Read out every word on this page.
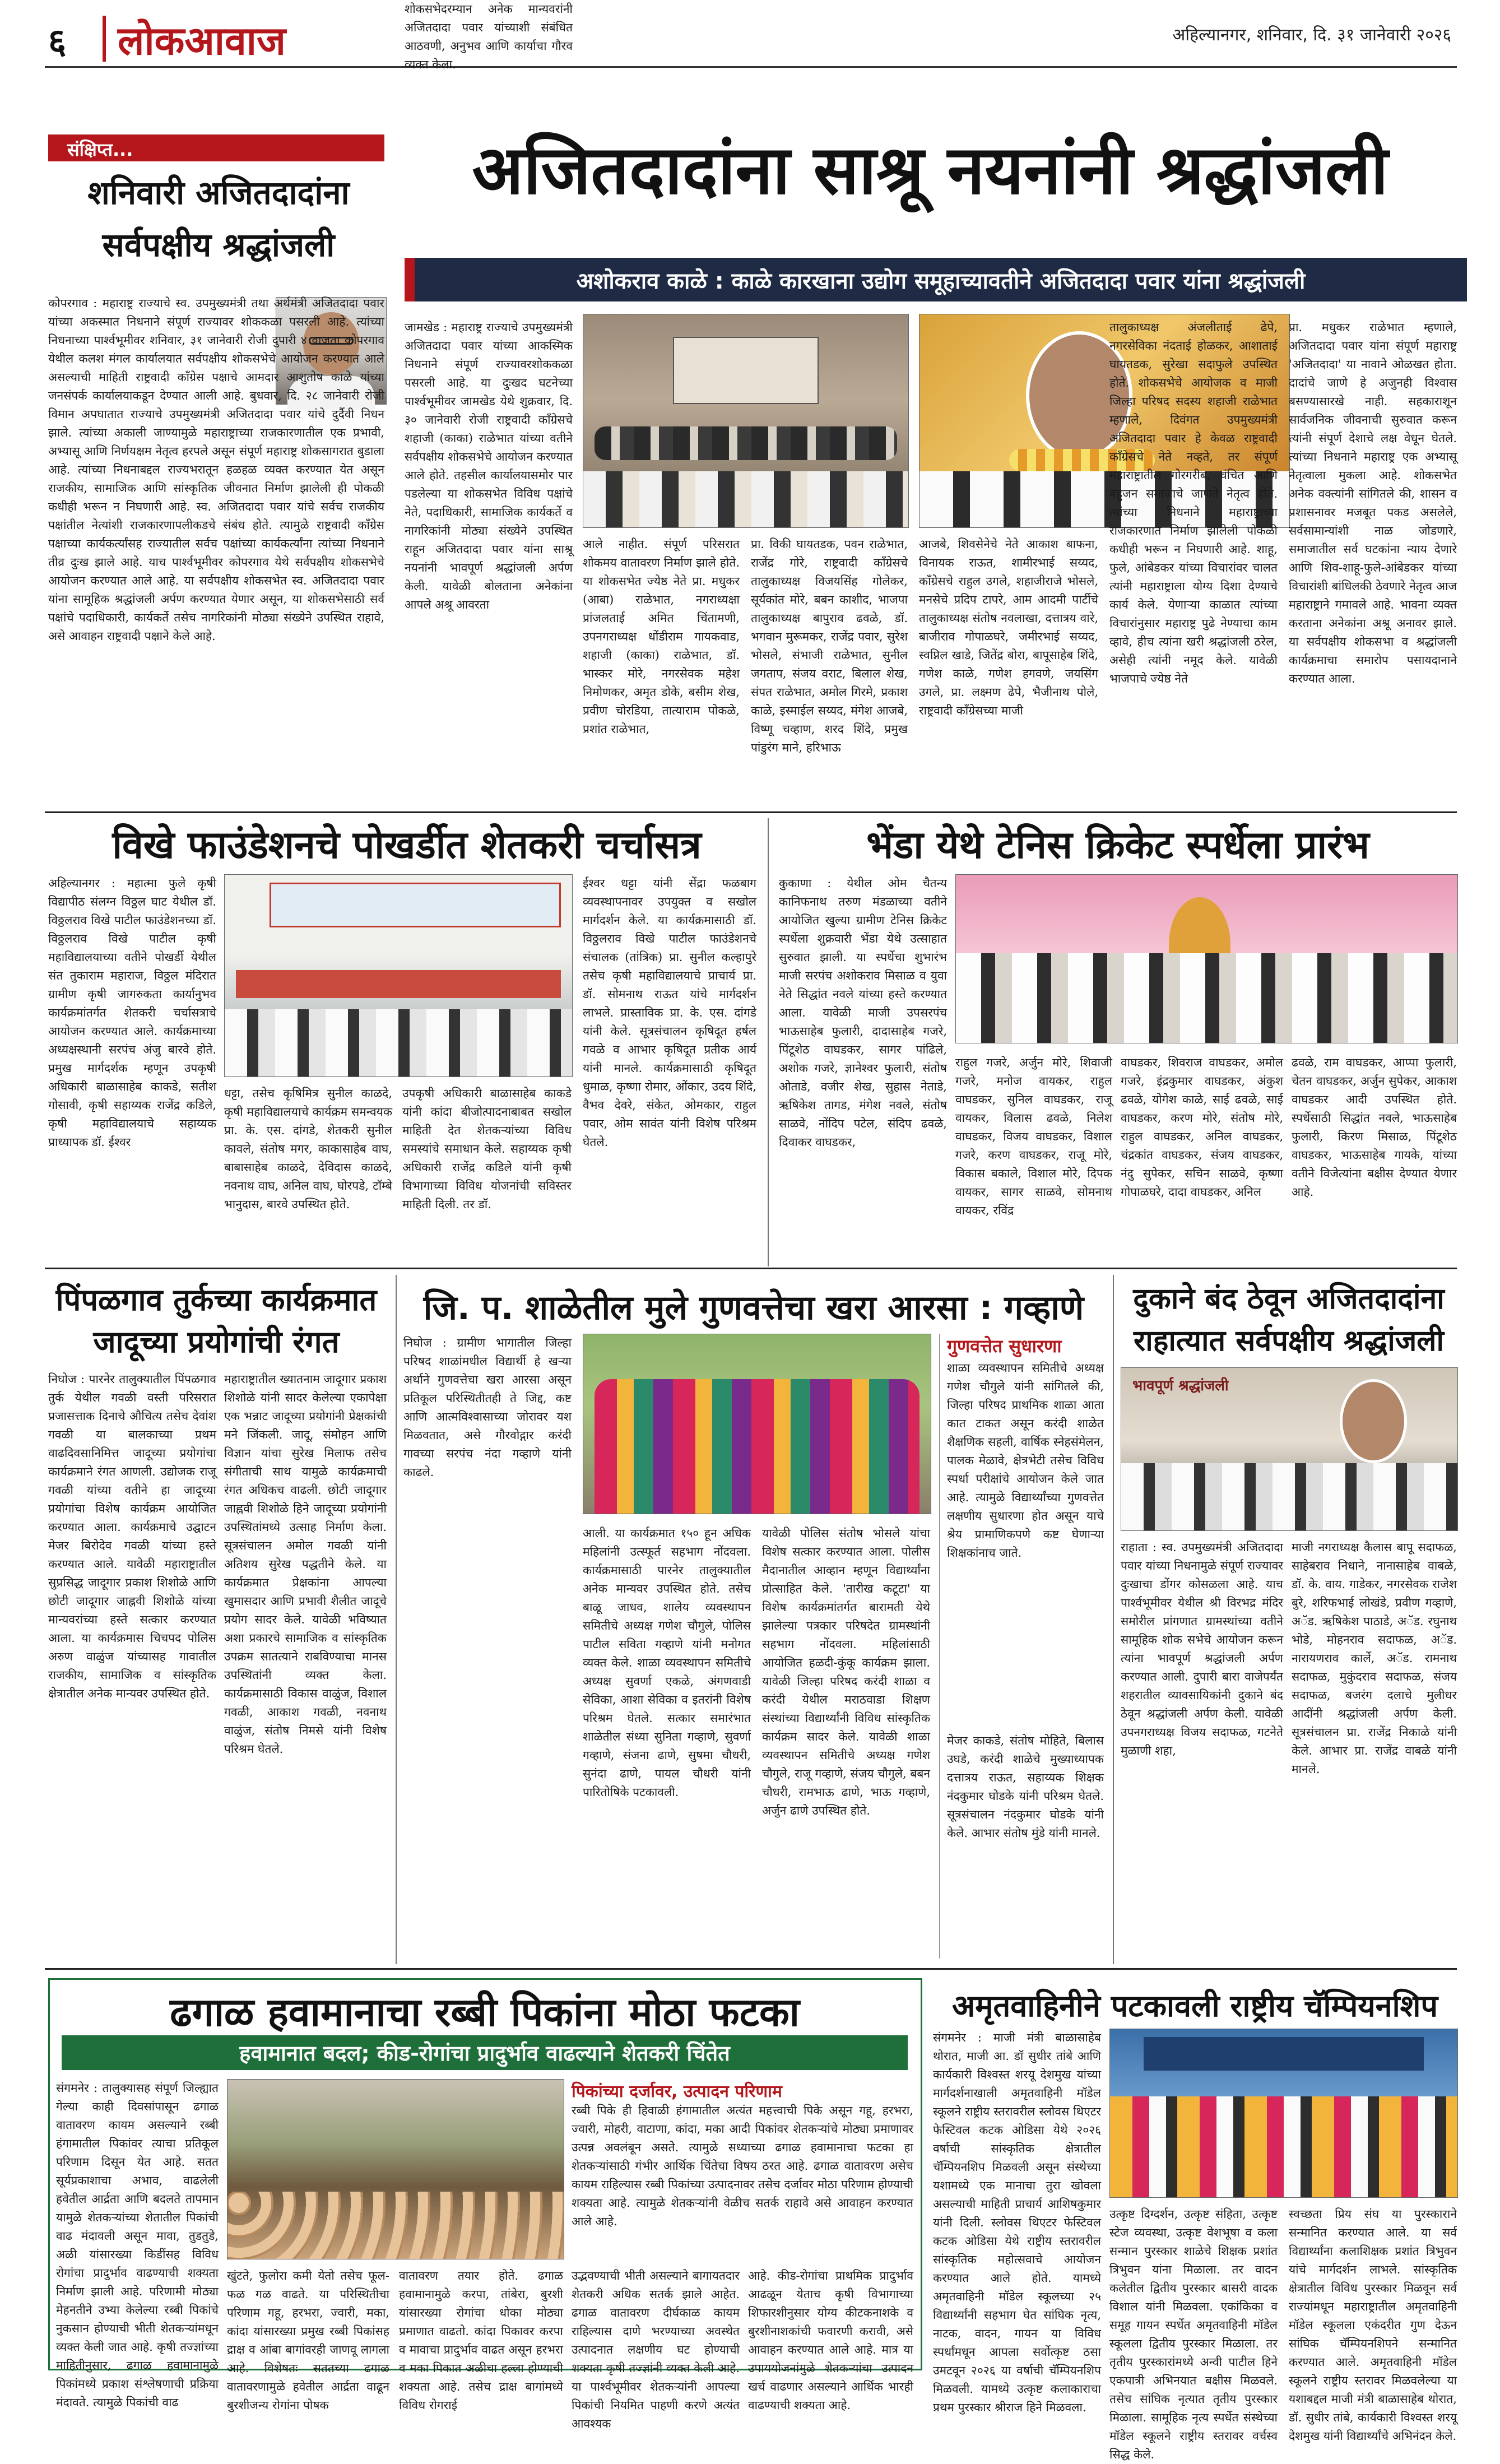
६ लोकआवाज	अहिल्यानगर, शनिवार, दि. ३१ जानेवारी २०२६
संक्षिप्त...
शनिवारी अजितदादांना
सर्वपक्षीय श्रद्धांजली
कोपरगाव : महाराष्ट्र राज्याचे स्व. उपमुख्यमंत्री तथा अर्थमंत्री अजितदादा पवार यांच्या अकस्मात निधनाने संपूर्ण राज्यावर शोककळा पसरली आहे. त्यांच्या निधनाच्या पार्श्वभूमीवर शनिवार, ३१ जानेवारी रोजी दुपारी ४ वाजता कोपरगाव येथील कलश मंगल कार्यालयात सर्वपक्षीय शोकसभेचे आयोजन करण्यात आले असल्याची माहिती राष्ट्रवादी काँग्रेस पक्षाचे आमदार आशुतोष काळे यांच्या जनसंपर्क कार्यालयाकडून देण्यात आली आहे. बुधवार, दि. २८ जानेवारी रोजी विमान अपघातात राज्याचे उपमुख्यमंत्री अजितदादा पवार यांचे दुर्दैवी निधन झाले. त्यांच्या अकाली जाण्यामुळे महाराष्ट्राच्या राजकारणातील एक प्रभावी, अभ्यासू आणि निर्णयक्षम नेतृत्व हरपले असून संपूर्ण महाराष्ट्र शोकसागरात बुडाला आहे. त्यांच्या निधनाबद्दल राज्यभरातून हळहळ व्यक्त करण्यात येत असून राजकीय, सामाजिक आणि सांस्कृतिक जीवनात निर्माण झालेली ही पोकळी कधीही भरून न निघणारी आहे. स्व. अजितदादा पवार यांचे सर्वच राजकीय पक्षांतील नेत्यांशी राजकारणापलीकडचे संबंध होते. त्यामुळे राष्ट्रवादी काँग्रेस पक्षाच्या कार्यकर्त्यांसह राज्यातील सर्वच पक्षांच्या कार्यकर्त्यांना त्यांच्या निधनाने तीव्र दुःख झाले आहे. याच पार्श्वभूमीवर कोपरगाव येथे सर्वपक्षीय शोकसभेचे आयोजन करण्यात आले आहे. या सर्वपक्षीय शोकसभेत स्व. अजितदादा पवार यांना सामूहिक श्रद्धांजली अर्पण करण्यात येणार असून, या शोकसभेसाठी सर्व पक्षांचे पदाधिकारी, कार्यकर्ते तसेच नागरिकांनी मोठ्या संख्येने उपस्थित राहावे, असे आवाहन राष्ट्रवादी पक्षाने केले आहे.
अजितदादांना साश्रू नयनांनी श्रद्धांजली
अशोकराव काळे : काळे कारखाना उद्योग समूहाच्यावतीने अजितदादा पवार यांना श्रद्धांजली
जामखेड : महाराष्ट्र राज्याचे उपमुख्यमंत्री अजितदादा पवार यांच्या आकस्मिक निधनाने संपूर्ण राज्यावरशोककळा पसरली आहे. या दुःखद घटनेच्या पार्श्वभूमीवर जामखेड येथे शुक्रवार, दि. ३० जानेवारी रोजी राष्ट्रवादी काँग्रेसचे शहाजी (काका) राळेभात यांच्या वतीने सर्वपक्षीय शोकसभेचे आयोजन करण्यात आले होते. तहसील कार्यालयासमोर पार पडलेल्या या शोकसभेत विविध पक्षांचे नेते, पदाधिकारी, सामाजिक कार्यकर्ते व नागरिकांनी मोठ्या संख्येने उपस्थित राहून अजितदादा पवार यांना साश्रू नयनांनी भावपूर्ण श्रद्धांजली अर्पण केली. यावेळी बोलताना अनेकांना आपले अश्रू आवरता
शोकसभेदरम्यान अनेक मान्यवरांनी अजितदादा पवार यांच्याशी संबंधित आठवणी, अनुभव आणि कार्याचा गौरव व्यक्त केला.
आले नाहीत. संपूर्ण परिसरात शोकमय वातावरण निर्माण झाले होते. या शोकसभेत ज्येष्ठ नेते प्रा. मधुकर (आबा) राळेभात, नगराध्यक्षा प्रांजलताई अमित चिंतामणी, उपनगराध्यक्ष धोंडीराम गायकवाड, शहाजी (काका) राळेभात, डॉ. भास्कर मोरे, नगरसेवक महेश निमोणकर, अमृत डोके, बसीम शेख, प्रवीण चोरडिया, तात्याराम पोकळे, प्रशांत राळेभात,
प्रा. विकी घायतडक, पवन राळेभात, राजेंद्र गोरे, राष्ट्रवादी काँग्रेसचे तालुकाध्यक्ष विजयसिंह गोलेकर, सूर्यकांत मोरे, बबन काशीद, भाजपा तालुकाध्यक्ष बापुराव ढवळे, डॉ. भगवान मुरूमकर, राजेंद्र पवार, सुरेश भोसले, संभाजी राळेभात, सुनील जगताप, संजय वराट, बिलाल शेख, संपत राळेभात, अमोल गिरमे, प्रकाश काळे, इस्माईल सय्यद, मंगेश आजबे, विष्णू चव्हाण, शरद शिंदे, प्रमुख पांडुरंग माने, हरिभाऊ
आजबे, शिवसेनेचे नेते आकाश बाफना, विनायक राऊत, शामीरभाई सय्यद, काँग्रेसचे राहुल उगले, शहाजीराजे भोसले, मनसेचे प्रदिप टापरे, आम आदमी पार्टीचे तालुकाध्यक्ष संतोष नवलाखा, दत्तात्रय वारे, बाजीराव गोपाळघरे, जमीरभाई सय्यद, स्वप्निल खाडे, जितेंद्र बोरा, बापूसाहेब शिंदे, गणेश काळे, गणेश हगवणे, जयसिंग उगले, प्रा. लक्ष्मण ढेपे, भैजीनाथ पोले, राष्ट्रवादी काँग्रेसच्या माजी
तालुकाध्यक्ष अंजलीताई ढेपे, नगरसेविका नंदताई होळकर, आशाताई घायतडक, सुरेखा सदाफुले उपस्थित होते. शोकसभेचे आयोजक व माजी जिल्हा परिषद सदस्य शहाजी राळेभात म्हणाले, दिवंगत उपमुख्यमंत्री अजितदादा पवार हे केवळ राष्ट्रवादी काँग्रेसचे नेते नव्हते, तर संपूर्ण महाराष्ट्रातील गोरगरीब, वंचित आणि बहुजन समाजाचे जाणते नेतृत्व होते. त्यांच्या निधनाने महाराष्ट्राच्या राजकारणात निर्माण झालेली पोकळी कधीही भरून न निघणारी आहे. शाहू, फुले, आंबेडकर यांच्या विचारांवर चालत त्यांनी महाराष्ट्राला योग्य दिशा देण्याचे कार्य केले. येणाऱ्या काळात त्यांच्या विचारांनुसार महाराष्ट्र पुढे नेण्याचा काम व्हावे, हीच त्यांना खरी श्रद्धांजली ठरेल, असेही त्यांनी नमूद केले. यावेळी भाजपाचे ज्येष्ठ नेते
प्रा. मधुकर राळेभात म्हणाले, अजितदादा पवार यांना संपूर्ण महाराष्ट्र 'अजितदादा' या नावाने ओळखत होता. दादांचे जाणे हे अजुनही विश्वास बसण्यासारखे नाही. सहकाराशून सार्वजनिक जीवनाची सुरुवात करून त्यांनी संपूर्ण देशाचे लक्ष वेधून घेतले. त्यांच्या निधनाने महाराष्ट्र एक अभ्यासू नेतृत्वाला मुकला आहे. शोकसभेत अनेक वक्त्यांनी सांगितले की, शासन व प्रशासनावर मजबूत पकड असलेले, सर्वसामान्यांशी नाळ जोडणारे, समाजातील सर्व घटकांना न्याय देणारे आणि शिव-शाहू-फुले-आंबेडकर यांच्या विचारांशी बांधिलकी ठेवणारे नेतृत्व आज महाराष्ट्राने गमावले आहे. भावना व्यक्त करताना अनेकांना अश्रू अनावर झाले. या सर्वपक्षीय शोकसभा व श्रद्धांजली कार्यक्रमाचा समारोप पसायदानाने करण्यात आला.
विखे फाउंडेशनचे पोखर्डीत शेतकरी चर्चासत्र
अहिल्यानगर : महात्मा फुले कृषी विद्यापीठ संलग्न विठ्ठल घाट येथील डॉ. विठ्ठलराव विखे पाटील फाउंडेशनच्या डॉ. विठ्ठलराव विखे पाटील कृषी महाविद्यालयाच्या वतीने पोखर्डी येथील संत तुकाराम महाराज, विठ्ठल मंदिरात ग्रामीण कृषी जागरुकता कार्यानुभव कार्यक्रमांतर्गत शेतकरी चर्चासत्राचे आयोजन करण्यात आले. कार्यक्रमाच्या अध्यक्षस्थानी सरपंच अंजु बारवे होते. प्रमुख मार्गदर्शक म्हणून उपकृषी अधिकारी बाळासाहेब काकडे, सतीश गोसावी, कृषी सहाय्यक राजेंद्र कडिले, कृषी महाविद्यालयाचे सहाय्यक प्राध्यापक डॉ. ईश्वर
धट्टा, तसेच कृषिमित्र सुनील काळदे, कृषी महाविद्यालयाचे कार्यक्रम समन्वयक प्रा. के. एस. दांगडे, शेतकरी सुनील कावले, संतोष मगर, काकासाहेब वाघ, बाबासाहेब काळदे, देविदास काळदे, नवनाथ वाघ, अनिल वाघ, घोरपडे, टॉम्बे भानुदास, बारवे उपस्थित होते.
उपकृषी अधिकारी बाळासाहेब काकडे यांनी कांदा बीजोत्पादनाबाबत सखोल माहिती देत शेतकऱ्यांच्या विविध समस्यांचे समाधान केले. सहाय्यक कृषी अधिकारी राजेंद्र कडिले यांनी कृषी विभागाच्या विविध योजनांची सविस्तर माहिती दिली. तर डॉ.
ईश्वर धट्टा यांनी सेंद्रा फळबाग व्यवस्थापनावर उपयुक्त व सखोल मार्गदर्शन केले. या कार्यक्रमासाठी डॉ. विठ्ठलराव विखे पाटील फाउंडेशनचे संचालक (तांत्रिक) प्रा. सुनील कल्हापुरे तसेच कृषी महाविद्यालयाचे प्राचार्य प्रा. डॉ. सोमनाथ राऊत यांचे मार्गदर्शन लाभले. प्रास्ताविक प्रा. के. एस. दांगडे यांनी केले. सूत्रसंचालन कृषिदूत हर्षल गवळे व आभार कृषिदूत प्रतीक आर्य यांनी मानले. कार्यक्रमासाठी कृषिदूत धुमाळ, कृष्णा रोमार, ओंकार, उदय शिंदे, वैभव देवरे, संकेत, ओमकार, राहुल पवार, ओम सावंत यांनी विशेष परिश्रम घेतले.
भेंडा येथे टेनिस क्रिकेट स्पर्धेला प्रारंभ
कुकाणा : येथील ओम चैतन्य कानिफनाथ तरुण मंडळाच्या वतीने आयोजित खुल्या ग्रामीण टेनिस क्रिकेट स्पर्धेला शुक्रवारी भेंडा येथे उत्साहात सुरुवात झाली. या स्पर्धेचा शुभारंभ माजी सरपंच अशोकराव मिसाळ व युवा नेते सिद्धांत नवले यांच्या हस्ते करण्यात आला. यावेळी माजी उपसरपंच भाऊसाहेब फुलारी, दादासाहेब गजरे, पिंटूशेठ वाघडकर, सागर पांढिले, अशोक गजरे, ज्ञानेश्वर फुलारी, संतोष ओताडे, वजीर शेख, सुहास नेताडे, ऋषिकेश तागड, मंगेश नवले, संतोष साळवे, नोंदिप पटेल, संदिप ढवळे, दिवाकर वाघडकर,
राहुल गजरे, अर्जुन मोरे, शिवाजी गजरे, मनोज वायकर, राहुल वाघडकर, सुनिल वाघडकर, राजू वायकर, विलास ढवळे, निलेश वाघडकर, विजय वाघडकर, विशाल गजरे, करण वाघडकर, राजू मोरे, विकास बकाले, विशाल मोरे, दिपक वायकर, सागर साळवे, सोमनाथ वायकर, रविंद्र
वाघडकर, शिवराज वाघडकर, अमोल गजरे, इंद्रकुमार वाघडकर, अंकुश ढवळे, योगेश काळे, साई ढवळे, साई वाघडकर, करण मोरे, संतोष मोरे, राहुल वाघडकर, अनिल वाघडकर, चंद्रकांत वाघडकर, संजय वाघडकर, नंदु सुपेकर, सचिन साळवे, कृष्णा गोपाळघरे, दादा वाघडकर, अनिल
ढवळे, राम वाघडकर, आप्पा फुलारी, चेतन वाघडकर, अर्जुन सुपेकर, आकाश वाघडकर आदी उपस्थित होते. स्पर्धेसाठी सिद्धांत नवले, भाऊसाहेब फुलारी, किरण मिसाळ, पिंटूशेठ वाघडकर, भाऊसाहेब गायके, यांच्या वतीने विजेत्यांना बक्षीस देण्यात येणार आहे.
पिंपळगाव तुर्कच्या कार्यक्रमात
जादूच्या प्रयोगांची रंगत
निघोज : पारनेर तालुक्यातील पिंपळगाव तुर्क येथील गवळी वस्ती परिसरात प्रजासत्ताक दिनाचे औचित्य तसेच देवांश गवळी या बालकाच्या प्रथम वाढदिवसानिमित्त जादूच्या प्रयोगांचा कार्यक्रमाने रंगत आणली. उद्योजक राजू गवळी यांच्या वतीने हा जादूच्या प्रयोगांचा विशेष कार्यक्रम आयोजित करण्यात आला. कार्यक्रमाचे उद्घाटन मेजर बिरोदेव गवळी यांच्या हस्ते करण्यात आले. यावेळी महाराष्ट्रातील सुप्रसिद्ध जादूगार प्रकाश शिशोळे आणि छोटी जादूगार जाह्नवी शिशोळे यांच्या मान्यवरांच्या हस्ते सत्कार करण्यात आला. या कार्यक्रमास चिचपद पोलिस अरुण वाळुंज यांच्यासह गावातील राजकीय, सामाजिक व सांस्कृतिक क्षेत्रातील अनेक मान्यवर उपस्थित होते.
महाराष्ट्रातील ख्यातनाम जादूगार प्रकाश शिशोळे यांनी सादर केलेल्या एकापेक्षा एक भन्नाट जादूच्या प्रयोगांनी प्रेक्षकांची मने जिंकली. जादू, संमोहन आणि विज्ञान यांचा सुरेख मिलाफ तसेच संगीताची साथ यामुळे कार्यक्रमाची रंगत अधिकच वाढली. छोटी जादूगार जाह्नवी शिशोळे हिने जादूच्या प्रयोगांनी उपस्थितांमध्ये उत्साह निर्माण केला. सूत्रसंचालन अमोल गवळी यांनी अतिशय सुरेख पद्धतीने केले. या कार्यक्रमात प्रेक्षकांना आपल्या खुमासदार आणि प्रभावी शैलीत जादूचे प्रयोग सादर केले. यावेळी भविष्यात अशा प्रकारचे सामाजिक व सांस्कृतिक उपक्रम सातत्याने राबविण्याचा मानस उपस्थितांनी व्यक्त केला. कार्यक्रमासाठी विकास वाळुंज, विशाल गवळी, आकाश गवळी, नवनाथ वाळुंज, संतोष निमसे यांनी विशेष परिश्रम घेतले.
जि. प. शाळेतील मुले गुणवत्तेचा खरा आरसा : गव्हाणे
निघोज : ग्रामीण भागातील जिल्हा परिषद शाळांमधील विद्यार्थी हे खऱ्या अर्थाने गुणवत्तेचा खरा आरसा असून प्रतिकूल परिस्थितीतही ते जिद्द, कष्ट आणि आत्मविश्वासाच्या जोरावर यश मिळवतात, असे गौरवोद्गार करंदी गावच्या सरपंच नंदा गव्हाणे यांनी काढले.
आली. या कार्यक्रमात १५० हून अधिक महिलांनी उत्स्फूर्त सहभाग नोंदवला. कार्यक्रमासाठी पारनेर तालुक्यातील अनेक मान्यवर उपस्थित होते. तसेच बाळू जाधव, शालेय व्यवस्थापन समितीचे अध्यक्ष गणेश चौगुले, पोलिस पाटील सविता गव्हाणे यांनी मनोगत व्यक्त केले. शाळा व्यवस्थापन समितीचे अध्यक्ष सुवर्णा एकळे, अंगणवाडी सेविका, आशा सेविका व इतरांनी विशेष परिश्रम घेतले. सत्कार समारंभात शाळेतील संध्या सुनिता गव्हाणे, सुवर्णा गव्हाणे, संजना ढाणे, सुषमा चौधरी, सुनंदा ढाणे, पायल चौधरी यांनी पारितोषिके पटकावली.
यावेळी पोलिस संतोष भोसले यांचा विशेष सत्कार करण्यात आला. पोलीस मैदानातील आव्हान म्हणून विद्यार्थ्यांना प्रोत्साहित केले. 'तारीख कटूटा' या विशेष कार्यक्रमांतर्गत बारामती येथे झालेल्या पत्रकार परिषदेत ग्रामस्थांनी सहभाग नोंदवला. महिलांसाठी आयोजित हळदी-कुंकू कार्यक्रम झाला. यावेळी जिल्हा परिषद करंदी शाळा व करंदी येथील मराठवाडा शिक्षण संस्थांच्या विद्यार्थ्यांनी विविध सांस्कृतिक कार्यक्रम सादर केले. यावेळी शाळा व्यवस्थापन समितीचे अध्यक्ष गणेश चौगुले, राजू गव्हाणे, संजय चौगुले, बबन चौधरी, रामभाऊ ढाणे, भाऊ गव्हाणे, अर्जुन ढाणे उपस्थित होते.
गुणवत्तेत सुधारणा
शाळा व्यवस्थापन समितीचे अध्यक्ष गणेश चौगुले यांनी सांगितले की, जिल्हा परिषद प्राथमिक शाळा आता कात टाकत असून करंदी शाळेत शैक्षणिक सहली, वार्षिक स्नेहसंमेलन, पालक मेळावे, क्षेत्रभेटी तसेच विविध स्पर्धा परीक्षांचे आयोजन केले जात आहे. त्यामुळे विद्यार्थ्यांच्या गुणवत्तेत लक्षणीय सुधारणा होत असून याचे श्रेय प्रामाणिकपणे कष्ट घेणाऱ्या शिक्षकांनाच जाते.
मेजर काकडे, संतोष मोहिते, बिलास उघडे, करंदी शाळेचे मुख्याध्यापक दत्तात्रय राऊत, सहाय्यक शिक्षक नंदकुमार घोडके यांनी परिश्रम घेतले. सूत्रसंचालन नंदकुमार घोडके यांनी केले. आभार संतोष मुंडे यांनी मानले.
दुकाने बंद ठेवून अजितदादांना
राहात्यात सर्वपक्षीय श्रद्धांजली
भावपूर्ण श्रद्धांजली
राहाता : स्व. उपमुख्यमंत्री अजितदादा पवार यांच्या निधनामुळे संपूर्ण राज्यावर दुःखाचा डोंगर कोसळला आहे. याच पार्श्वभूमीवर येथील श्री विरभद्र मंदिर समोरील प्रांगणात ग्रामस्थांच्या वतीने सामूहिक शोक सभेचे आयोजन करून त्यांना भावपूर्ण श्रद्धांजली अर्पण करण्यात आली. दुपारी बारा वाजेपर्यंत शहरातील व्यावसायिकांनी दुकाने बंद ठेवून श्रद्धांजली अर्पण केली. यावेळी उपनगराध्यक्ष विजय सदाफळ, गटनेते मुळाणी शहा,
माजी नगराध्यक्ष कैलास बापू सदाफळ, साहेबराव निधाने, नानासाहेब वाबळे, डॉ. के. वाय. गाडेकर, नगरसेवक राजेश बुरे, शरिफभाई लोखंडे, प्रवीण गव्हाणे, अॅड. ऋषिकेश पाठाडे, अॅड. रघुनाथ भोडे, मोहनराव सदाफळ, अॅड. नारायणराव कार्ले, अॅड. रामनाथ सदाफळ, मुकुंदराव सदाफळ, संजय सदाफळ, बजरंग दलाचे मुलीधर आदींनी श्रद्धांजली अर्पण केली. सूत्रसंचालन प्रा. राजेंद्र निकाळे यांनी केले. आभार प्रा. राजेंद्र वाबळे यांनी मानले.
ढगाळ हवामानाचा रब्बी पिकांना मोठा फटका
हवामानात बदल; कीड-रोगांचा प्रादुर्भाव वाढल्याने शेतकरी चिंतेत
संगमनेर : तालुक्यासह संपूर्ण जिल्ह्यात गेल्या काही दिवसांपासून ढगाळ वातावरण कायम असल्याने रब्बी हंगामातील पिकांवर त्याचा प्रतिकूल परिणाम दिसून येत आहे. सतत सूर्यप्रकाशाचा अभाव, वाढलेली हवेतील आर्द्रता आणि बदलते तापमान यामुळे शेतकऱ्यांच्या शेतातील पिकांची वाढ मंदावली असून मावा, तुडतुडे, अळी यांसारख्या किडींसह विविध रोगांचा प्रादुर्भाव वाढण्याची शक्यता निर्माण झाली आहे. परिणामी मोठ्या मेहनतीने उभ्या केलेल्या रब्बी पिकांचे नुकसान होण्याची भीती शेतकऱ्यांमधून व्यक्त केली जात आहे. कृषी तज्ज्ञांच्या माहितीनुसार, ढगाळ हवामानामुळे पिकांमध्ये प्रकाश संश्लेषणाची प्रक्रिया मंदावते. त्यामुळे पिकांची वाढ
खुंटते, फुलोरा कमी येतो तसेच फूल-फळ गळ वाढते. या परिस्थितीचा परिणाम गहू, हरभरा, ज्वारी, मका, कांदा यांसारख्या प्रमुख रब्बी पिकांसह द्राक्ष व आंबा बागांवरही जाणवू लागला आहे. विशेषतः सततच्या ढगाळ वातावरणामुळे हवेतील आर्द्रता वाढून बुरशीजन्य रोगांना पोषक
वातावरण तयार होते. ढगाळ हवामानामुळे करपा, तांबेरा, बुरशी यांसारख्या रोगांचा धोका मोठ्या प्रमाणात वाढतो. कांदा पिकावर करपा व मावाचा प्रादुर्भाव वाढत असून हरभरा व मका पिकात अळीचा हल्ला होण्याची शक्यता आहे. तसेच द्राक्ष बागांमध्ये विविध रोगराई
पिकांच्या दर्जावर, उत्पादन परिणाम
रब्बी पिके ही हिवाळी हंगामातील अत्यंत महत्त्वाची पिके असून गहू, हरभरा, ज्वारी, मोहरी, वाटाणा, कांदा, मका आदी पिकांवर शेतकऱ्यांचे मोठ्या प्रमाणावर उत्पन्न अवलंबून असते. त्यामुळे सध्याच्या ढगाळ हवामानाचा फटका हा शेतकऱ्यांसाठी गंभीर आर्थिक चिंतेचा विषय ठरत आहे. ढगाळ वातावरण असेच कायम राहिल्यास रब्बी पिकांच्या उत्पादनावर तसेच दर्जावर मोठा परिणाम होण्याची शक्यता आहे. त्यामुळे शेतकऱ्यांनी वेळीच सतर्क राहावे असे आवाहन करण्यात आले आहे.
उद्भवण्याची भीती असल्याने बागायतदार शेतकरी अधिक सतर्क झाले आहेत. ढगाळ वातावरण दीर्घकाळ कायम राहिल्यास दाणे भरण्याच्या अवस्थेत उत्पादनात लक्षणीय घट होण्याची शक्यता कृषी तज्ज्ञांनी व्यक्त केली आहे. या पार्श्वभूमीवर शेतकऱ्यांनी आपल्या पिकांची नियमित पाहणी करणे अत्यंत आवश्यक
आहे. कीड-रोगांचा प्राथमिक प्रादुर्भाव आढळून येताच कृषी विभागाच्या शिफारशीनुसार योग्य कीटकनाशके व बुरशीनाशकांची फवारणी करावी, असे आवाहन करण्यात आले आहे. मात्र या उपाययोजनांमुळे शेतकऱ्यांचा उत्पादन खर्च वाढणार असल्याने आर्थिक भारही वाढण्याची शक्यता आहे.
अमृतवाहिनीने पटकावली राष्ट्रीय चॅम्पियनशिप
संगमनेर : माजी मंत्री बाळासाहेब थोरात, माजी आ. डॉ सुधीर तांबे आणि कार्यकारी विश्वस्त शरयू देशमुख यांच्या मार्गदर्शनाखाली अमृतवाहिनी मॉडेल स्कूलने राष्ट्रीय स्तरावरील स्लोवस थिएटर फेस्टिवल कटक ओडिसा येथे २०२६ वर्षाची सांस्कृतिक क्षेत्रातील चॅम्पियनशिप मिळवली असून संस्थेच्या यशामध्ये एक मानाचा तुरा खोवला असल्याची माहिती प्राचार्य आशिषकुमार यांनी दिली. स्लोवस थिएटर फेस्टिवल कटक ओडिसा येथे राष्ट्रीय स्तरावरील सांस्कृतिक महोत्सवाचे आयोजन करण्यात आले होते. यामध्ये अमृतवाहिनी मॉडेल स्कूलच्या २५ विद्यार्थ्यांनी सहभाग घेत सांघिक नृत्य, नाटक, वादन, गायन या विविध स्पर्धांमधून आपला सर्वोत्कृष्ट ठसा उमटवून २०२६ या वर्षाची चॅम्पियनशिप मिळवली. यामध्ये उत्कृष्ट कलाकाराचा प्रथम पुरस्कार श्रीराज हिने मिळवला.
उत्कृष्ट दिग्दर्शन, उत्कृष्ट संहिता, उत्कृष्ट स्टेज व्यवस्था, उत्कृष्ट वेशभूषा व कला सन्मान पुरस्कार शाळेचे शिक्षक प्रशांत त्रिभुवन यांना मिळाला. तर वादन कलेतील द्वितीय पुरस्कार बासरी वादक विशाल यांनी मिळवला. एकांकिका व समूह गायन स्पर्धेत अमृतवाहिनी मॉडेल स्कूलला द्वितीय पुरस्कार मिळाला. तर तृतीय पुरस्कारांमध्ये अन्वी पाटील हिने एकपात्री अभिनयात बक्षीस मिळवले. तसेच सांघिक नृत्यात तृतीय पुरस्कार मिळाला. सामूहिक नृत्य स्पर्धेत संस्थेच्या मॉडेल स्कूलने राष्ट्रीय स्तरावर वर्चस्व सिद्ध केले.
स्वच्छता प्रिय संघ या पुरस्काराने सन्मानित करण्यात आले. या सर्व विद्यार्थ्यांना कलाशिक्षक प्रशांत त्रिभुवन यांचे मार्गदर्शन लाभले. सांस्कृतिक क्षेत्रातील विविध पुरस्कार मिळवून सर्व राज्यांमधून महाराष्ट्रातील अमृतवाहिनी मॉडेल स्कूलला एकंदरीत गुण देऊन सांघिक चॅम्पियनशिपने सन्मानित करण्यात आले. अमृतवाहिनी मॉडेल स्कूलने राष्ट्रीय स्तरावर मिळवलेल्या या यशाबद्दल माजी मंत्री बाळासाहेब थोरात, डॉ. सुधीर तांबे, कार्यकारी विश्वस्त शरयू देशमुख यांनी विद्यार्थ्यांचे अभिनंदन केले.
